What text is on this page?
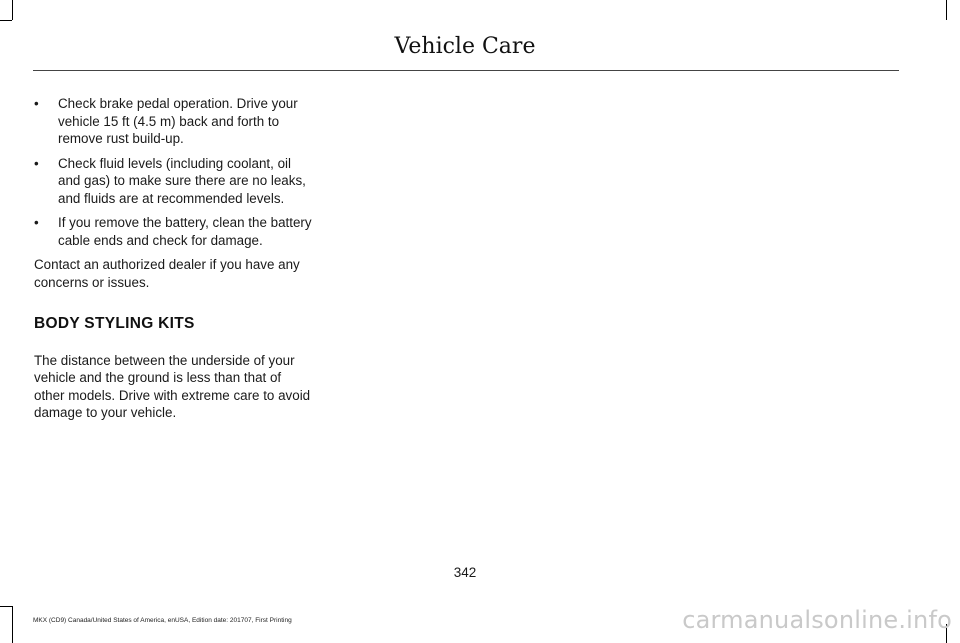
Vehicle Care
• Check brake pedal operation. Drive your vehicle 15 ft (4.5 m) back and forth to remove rust build-up.
• Check fluid levels (including coolant, oil and gas) to make sure there are no leaks, and fluids are at recommended levels.
• If you remove the battery, clean the battery cable ends and check for damage.

Contact an authorized dealer if you have any concerns or issues.

BODY STYLING KITS

The distance between the underside of your vehicle and the ground is less than that of other models. Drive with extreme care to avoid damage to your vehicle.

342
MKX (CD9) Canada/United States of America, enUSA, Edition date: 201707, First Printing	carmanualsonline.info
